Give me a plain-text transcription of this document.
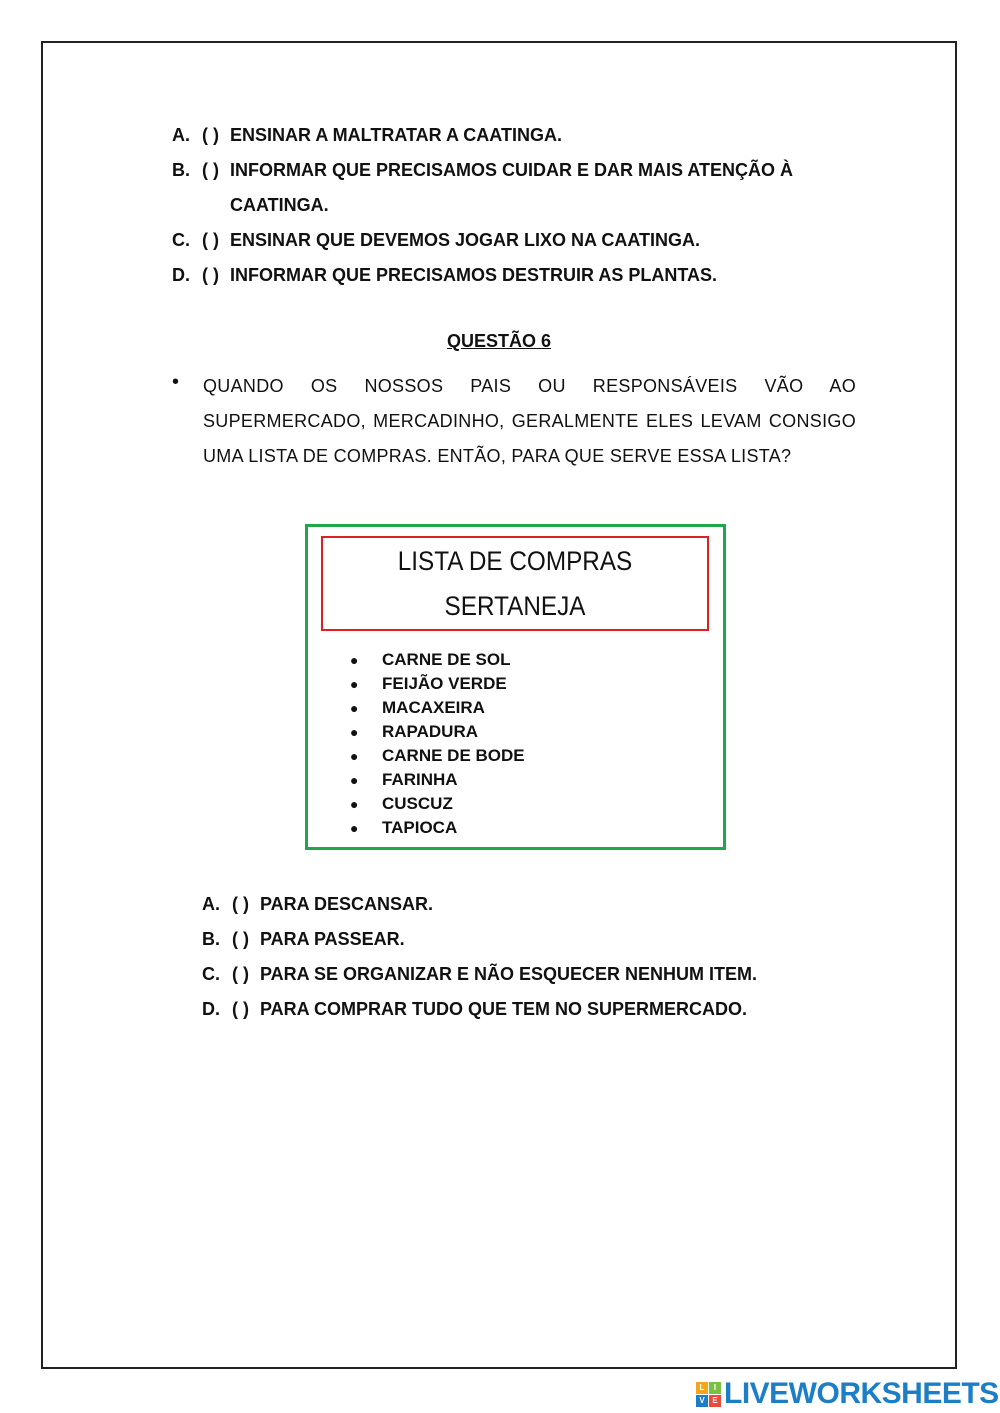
A. ( ) ENSINAR A MALTRATAR A CAATINGA.
B. ( ) INFORMAR QUE PRECISAMOS CUIDAR E DAR MAIS ATENÇÃO À CAATINGA.
C. ( ) ENSINAR QUE DEVEMOS JOGAR LIXO NA CAATINGA.
D. ( ) INFORMAR QUE PRECISAMOS DESTRUIR AS PLANTAS.
QUESTÃO 6
• QUANDO OS NOSSOS PAIS OU RESPONSÁVEIS VÃO AO SUPERMERCADO, MERCADINHO, GERALMENTE ELES LEVAM CONSIGO UMA LISTA DE COMPRAS. ENTÃO, PARA QUE SERVE ESSA LISTA?
LISTA DE COMPRAS
SERTANEJA
●	CARNE DE SOL
●	FEIJÃO VERDE
●	MACAXEIRA
●	RAPADURA
●	CARNE DE BODE
●	FARINHA
●	CUSCUZ
●	TAPIOCA
A. ( ) PARA DESCANSAR.
B. ( ) PARA PASSEAR.
C. ( ) PARA SE ORGANIZAR E NÃO ESQUECER NENHUM ITEM.
D. ( ) PARA COMPRAR TUDO QUE TEM NO SUPERMERCADO.
L	I
V E LIVEWORKSHEETS
